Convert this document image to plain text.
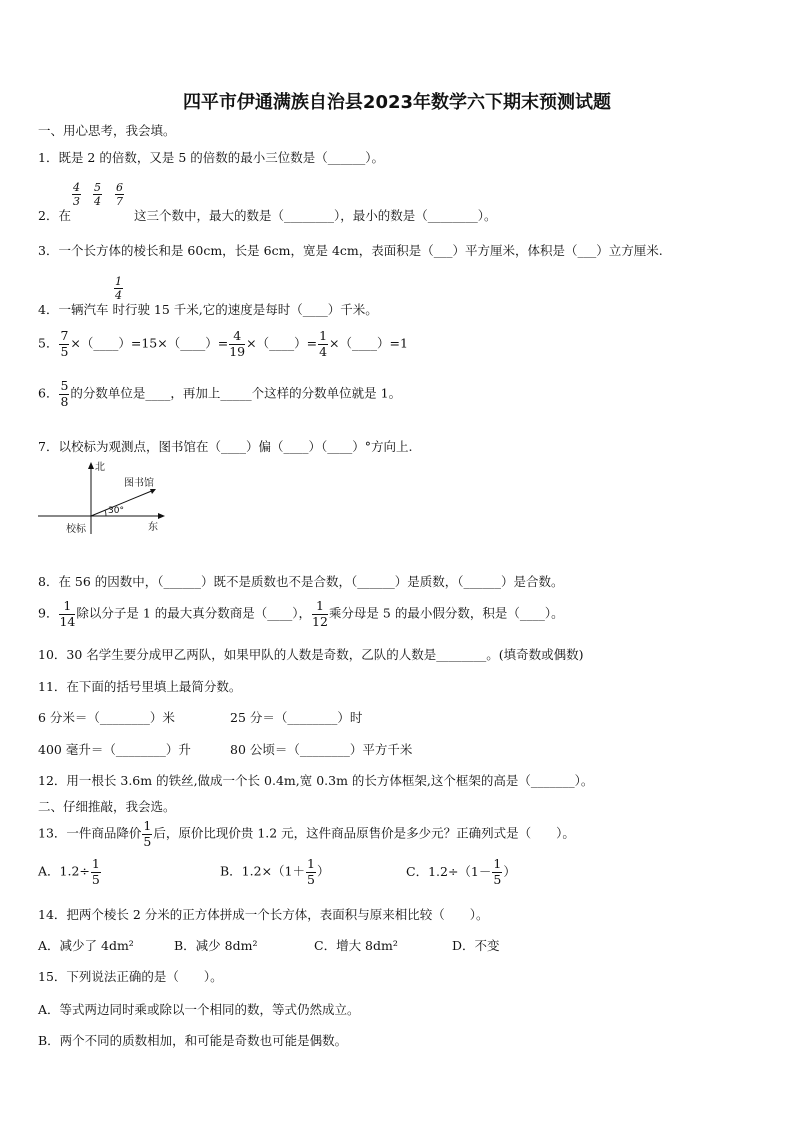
四平市伊通满族自治县2023年数学六下期末预测试题
一、用心思考，我会填。
1．既是 2 的倍数，又是 5 的倍数的最小三位数是（______）。
4
3
5
4
6
7
2．在	这三个数中，最大的数是（________），最小的数是（________）。
3．一个长方体的棱长和是 60cm，长是 6cm，宽是 4cm，表面积是（___）平方厘米，体积是（___）立方厘米.
1
4
4．一辆汽车 时行驶 15 千米,它的速度是每时（____）千米。
5． $\frac{7}{5}$ ×（____）=15×（____）= $\frac{4}{19}$ ×（____）= $\frac{1}{4}$ ×（____）=1
6． $\frac{5}{8}$ 的分数单位是____，再加上_____个这样的分数单位就是 1。
7．以校标为观测点，图书馆在（____）偏（____）（____）°方向上.
北
图书馆
30°
校标	东
8．在 56 的因数中，（______）既不是质数也不是合数，（______）是质数，（______）是合数。
9． $\frac{1}{14}$ 除以分子是 1 的最大真分数商是（____）， $\frac{1}{12}$ 乘分母是 5 的最小假分数，积是（____）。
10．30 名学生要分成甲乙两队，如果甲队的人数是奇数，乙队的人数是________。(填奇数或偶数)
11．在下面的括号里填上最简分数。
6 分米＝（________）米	25 分＝（________）时
400 毫升＝（________）升	80 公顷＝（________）平方千米
12．用一根长 3.6m 的铁丝,做成一个长 0.4m,宽 0.3m 的长方体框架,这个框架的高是（_______）。
二、仔细推敲，我会选。
13．一件商品降价 $\frac{1}{5}$ 后，原价比现价贵 1.2 元，这件商品原售价是多少元？正确列式是（　　）。
A．$1.2\div \frac{1}{5}$	B．$1.2\times(1+ \frac{1}{5}$ ）	C．$1.2\div(1- \frac{1}{5}$ ）
14．把两个棱长 2 分米的正方体拼成一个长方体，表面积与原来相比较（　　）。
A．减少了 4dm²	B．减少 8dm²	C．增大 8dm²	D．不变
15．下列说法正确的是（　　）。
A．等式两边同时乘或除以一个相同的数，等式仍然成立。
B．两个不同的质数相加，和可能是奇数也可能是偶数。
